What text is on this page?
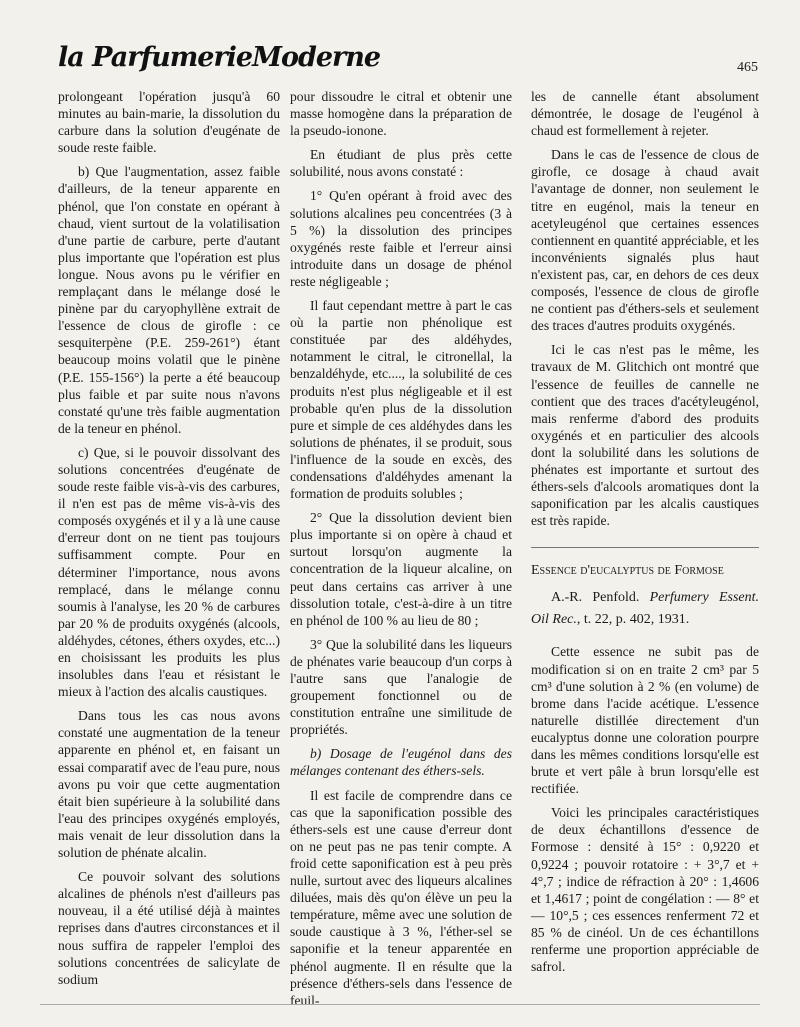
la ParfumerieModerne	465

prolongeant l'opération jusqu'à 60 minutes au bain-marie, la dissolution du carbure dans la solution d'eugénate de soude reste faible.

b) Que l'augmentation, assez faible d'ailleurs, de la teneur apparente en phénol, que l'on constate en opérant à chaud, vient surtout de la volatilisation d'une partie de carbure, perte d'autant plus importante que l'opération est plus longue. Nous avons pu le vérifier en remplaçant dans le mélange dosé le pinène par du caryophyllène extrait de l'essence de clous de girofle : ce sesquiterpène (P.E. 259-261°) étant beaucoup moins volatil que le pinène (P.E. 155-156°) la perte a été beaucoup plus faible et par suite nous n'avons constaté qu'une très faible augmentation de la teneur en phénol.

c) Que, si le pouvoir dissolvant des solutions concentrées d'eugénate de soude reste faible vis-à-vis des carbures, il n'en est pas de même vis-à-vis des composés oxygénés et il y a là une cause d'erreur dont on ne tient pas toujours suffisamment compte. Pour en déterminer l'importance, nous avons remplacé, dans le mélange connu soumis à l'analyse, les 20 % de carbures par 20 % de produits oxygénés (alcools, aldéhydes, cétones, éthers oxydes, etc...) en choisissant les produits les plus insolubles dans l'eau et résistant le mieux à l'action des alcalis caustiques.

Dans tous les cas nous avons constaté une augmentation de la teneur apparente en phénol et, en faisant un essai comparatif avec de l'eau pure, nous avons pu voir que cette augmentation était bien supérieure à la solubilité dans l'eau des principes oxygénés employés, mais venait de leur dissolution dans la solution de phénate alcalin.

Ce pouvoir solvant des solutions alcalines de phénols n'est d'ailleurs pas nouveau, il a été utilisé déjà à maintes reprises dans d'autres circonstances et il nous suffira de rappeler l'emploi des solutions concentrées de salicylate de sodium

pour dissoudre le citral et obtenir une masse homogène dans la préparation de la pseudo-ionone.

En étudiant de plus près cette solubilité, nous avons constaté :

1° Qu'en opérant à froid avec des solutions alcalines peu concentrées (3 à 5 %) la dissolution des principes oxygénés reste faible et l'erreur ainsi introduite dans un dosage de phénol reste négligeable ;

Il faut cependant mettre à part le cas où la partie non phénolique est constituée par des aldéhydes, notamment le citral, le citronellal, la benzaldéhyde, etc...., la solubilité de ces produits n'est plus négligeable et il est probable qu'en plus de la dissolution pure et simple de ces aldéhydes dans les solutions de phénates, il se produit, sous l'influence de la soude en excès, des condensations d'aldéhydes amenant la formation de produits solubles ;

2° Que la dissolution devient bien plus importante si on opère à chaud et surtout lorsqu'on augmente la concentration de la liqueur alcaline, on peut dans certains cas arriver à une dissolution totale, c'est-à-dire à un titre en phénol de 100 % au lieu de 80 ;

3° Que la solubilité dans les liqueurs de phénates varie beaucoup d'un corps à l'autre sans que l'analogie de groupement fonctionnel ou de constitution entraîne une similitude de propriétés.

b) Dosage de l'eugénol dans des mélanges contenant des éthers-sels.

Il est facile de comprendre dans ce cas que la saponification possible des éthers-sels est une cause d'erreur dont on ne peut pas ne pas tenir compte. A froid cette saponification est à peu près nulle, surtout avec des liqueurs alcalines diluées, mais dès qu'on élève un peu la température, même avec une solution de soude caustique à 3 %, l'éther-sel se saponifie et la teneur apparentée en phénol augmente. Il en résulte que la présence d'éthers-sels dans l'essence de feuil-

les de cannelle étant absolument démontrée, le dosage de l'eugénol à chaud est formellement à rejeter.

Dans le cas de l'essence de clous de girofle, ce dosage à chaud avait l'avantage de donner, non seulement le titre en eugénol, mais la teneur en acetyleugénol que certaines essences contiennent en quantité appréciable, et les inconvénients signalés plus haut n'existent pas, car, en dehors de ces deux composés, l'essence de clous de girofle ne contient pas d'éthers-sels et seulement des traces d'autres produits oxygénés.

Ici le cas n'est pas le même, les travaux de M. Glitchich ont montré que l'essence de feuilles de cannelle ne contient que des traces d'acétyleugénol, mais renferme d'abord des produits oxygénés et en particulier des alcools dont la solubilité dans les solutions de phénates est importante et surtout des éthers-sels d'alcools aromatiques dont la saponification par les alcalis caustiques est très rapide.

Essence d'eucalyptus de Formose

A.-R. Penfold. Perfumery Essent. Oil Rec., t. 22, p. 402, 1931.

Cette essence ne subit pas de modification si on en traite 2 cm³ par 5 cm³ d'une solution à 2 % (en volume) de brome dans l'acide acétique. L'essence naturelle distillée directement d'un eucalyptus donne une coloration pourpre dans les mêmes conditions lorsqu'elle est brute et vert pâle à brun lorsqu'elle est rectifiée.

Voici les principales caractéristiques de deux échantillons d'essence de Formose : densité à 15° : 0,9220 et 0,9224 ; pouvoir rotatoire : + 3°,7 et + 4°,7 ; indice de réfraction à 20° : 1,4606 et 1,4617 ; point de congélation : — 8° et — 10°,5 ; ces essences renferment 72 et 85 % de cinéol. Un de ces échantillons renferme une proportion appréciable de safrol.
